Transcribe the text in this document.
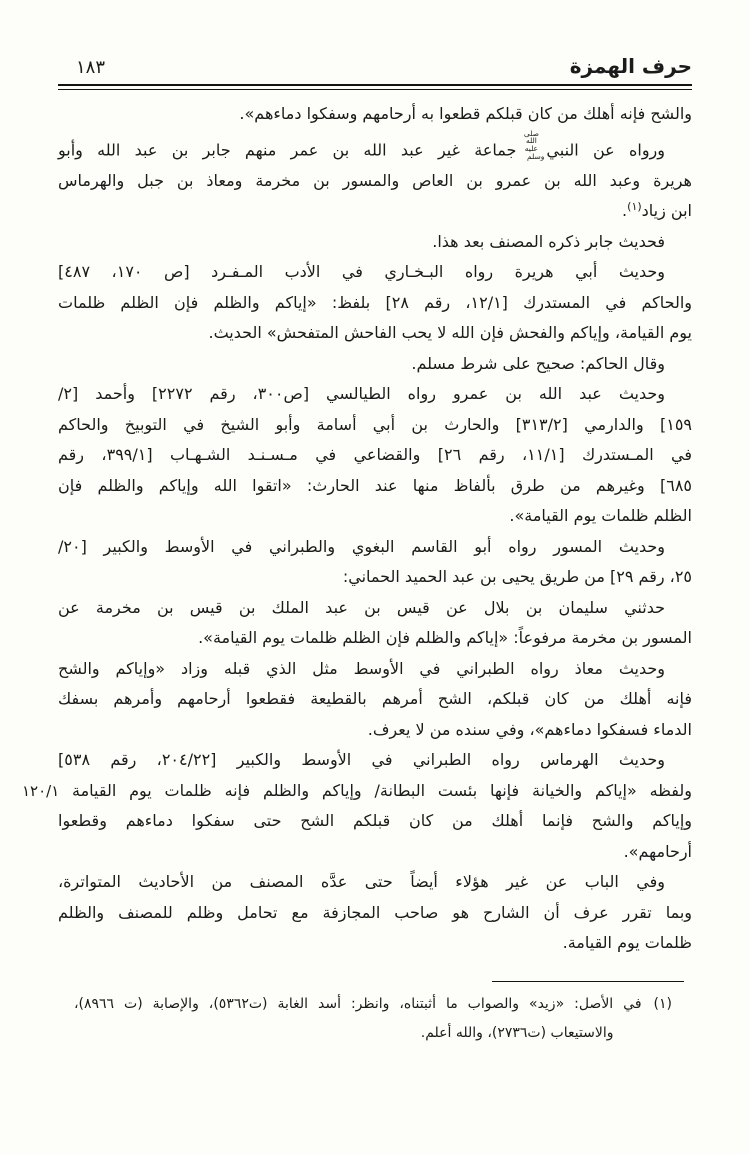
حرف الهمزة
١٨٣
والشح فإنه أهلك من كان قبلكم قطعوا به أرحامهم وسفكوا دماءهم».
ورواه عن النبيصلى الله عليه وسلمجماعة غير عبد الله بن عمر منهم جابر بن عبد الله وأبو
هريرة وعبد الله بن عمرو بن العاص والمسور بن مخرمة ومعاذ بن جبل والهرماس
ابن زياد$^{(١)}$.
فحديث جابر ذكره المصنف بعد هذا.
وحديث أبي هريرة رواه البـخـاري في الأدب المـفـرد [ص ١٧٠، ٤٨٧]
والحاكم في المستدرك [١٢/١، رقم ٢٨] بلفظ: «إياكم والظلم فإن الظلم ظلمات
يوم القيامة، وإياكم والفحش فإن الله لا يحب الفاحش المتفحش» الحديث.
وقال الحاكم: صحيح على شرط مسلم.
وحديث عبد الله بن عمرو رواه الطيالسي [ص٣٠٠، رقم ٢٢٧٢] وأحمد [٢/
١٥٩] والدارمي [٣١٣/٢] والحارث بن أبي أسامة وأبو الشيخ في التوبيخ والحاكم
في المـستدرك [١١/١، رقم ٢٦] والقضاعي في مـسـنـد الشـهـاب [٣٩٩/١، رقم
٦٨٥] وغيرهم من طرق بألفاظ منها عند الحارث: «اتقوا الله وإياكم والظلم فإن
الظلم ظلمات يوم القيامة».
وحديث المسور رواه أبو القاسم البغوي والطبراني في الأوسط والكبير [٢٠/
٢٥، رقم ٢٩] من طريق يحيى بن عبد الحميد الحماني:
حدثني سليمان بن بلال عن قيس بن عبد الملك بن قيس بن مخرمة عن
المسور بن مخرمة مرفوعاً: «إياكم والظلم فإن الظلم ظلمات يوم القيامة».
وحديث معاذ رواه الطبراني في الأوسط مثل الذي قبله وزاد «وإياكم والشح
فإنه أهلك من كان قبلكم، الشح أمرهم بالقطيعة فقطعوا أرحامهم وأمرهم بسفك
الدماء فسفكوا دماءهم»، وفي سنده من لا يعرف.
وحديث الهرماس رواه الطبراني في الأوسط والكبير [٢٠٤/٢٢، رقم ٥٣٨]
ولفظه «إياكم والخيانة فإنها بئست البطانة/ وإياكم والظلم فإنه ظلمات يوم القيامة
١٢٠/١
وإياكم والشح فإنما أهلك من كان قبلكم الشح حتى سفكوا دماءهم وقطعوا
أرحامهم».
وفي الباب عن غير هؤلاء أيضاً حتى عدَّه المصنف من الأحاديث المتواترة،
وبما تقرر عرف أن الشارح هو صاحب المجازفة مع تحامل وظلم للمصنف والظلم
ظلمات يوم القيامة.
(١)
في الأصل: «زيد» والصواب ما أثبتناه، وانظر: أسد الغابة (ت٥٣٦٢)، والإصابة (ت ٨٩٦٦)،
والاستيعاب (ت٢٧٣٦)، والله أعلم.
